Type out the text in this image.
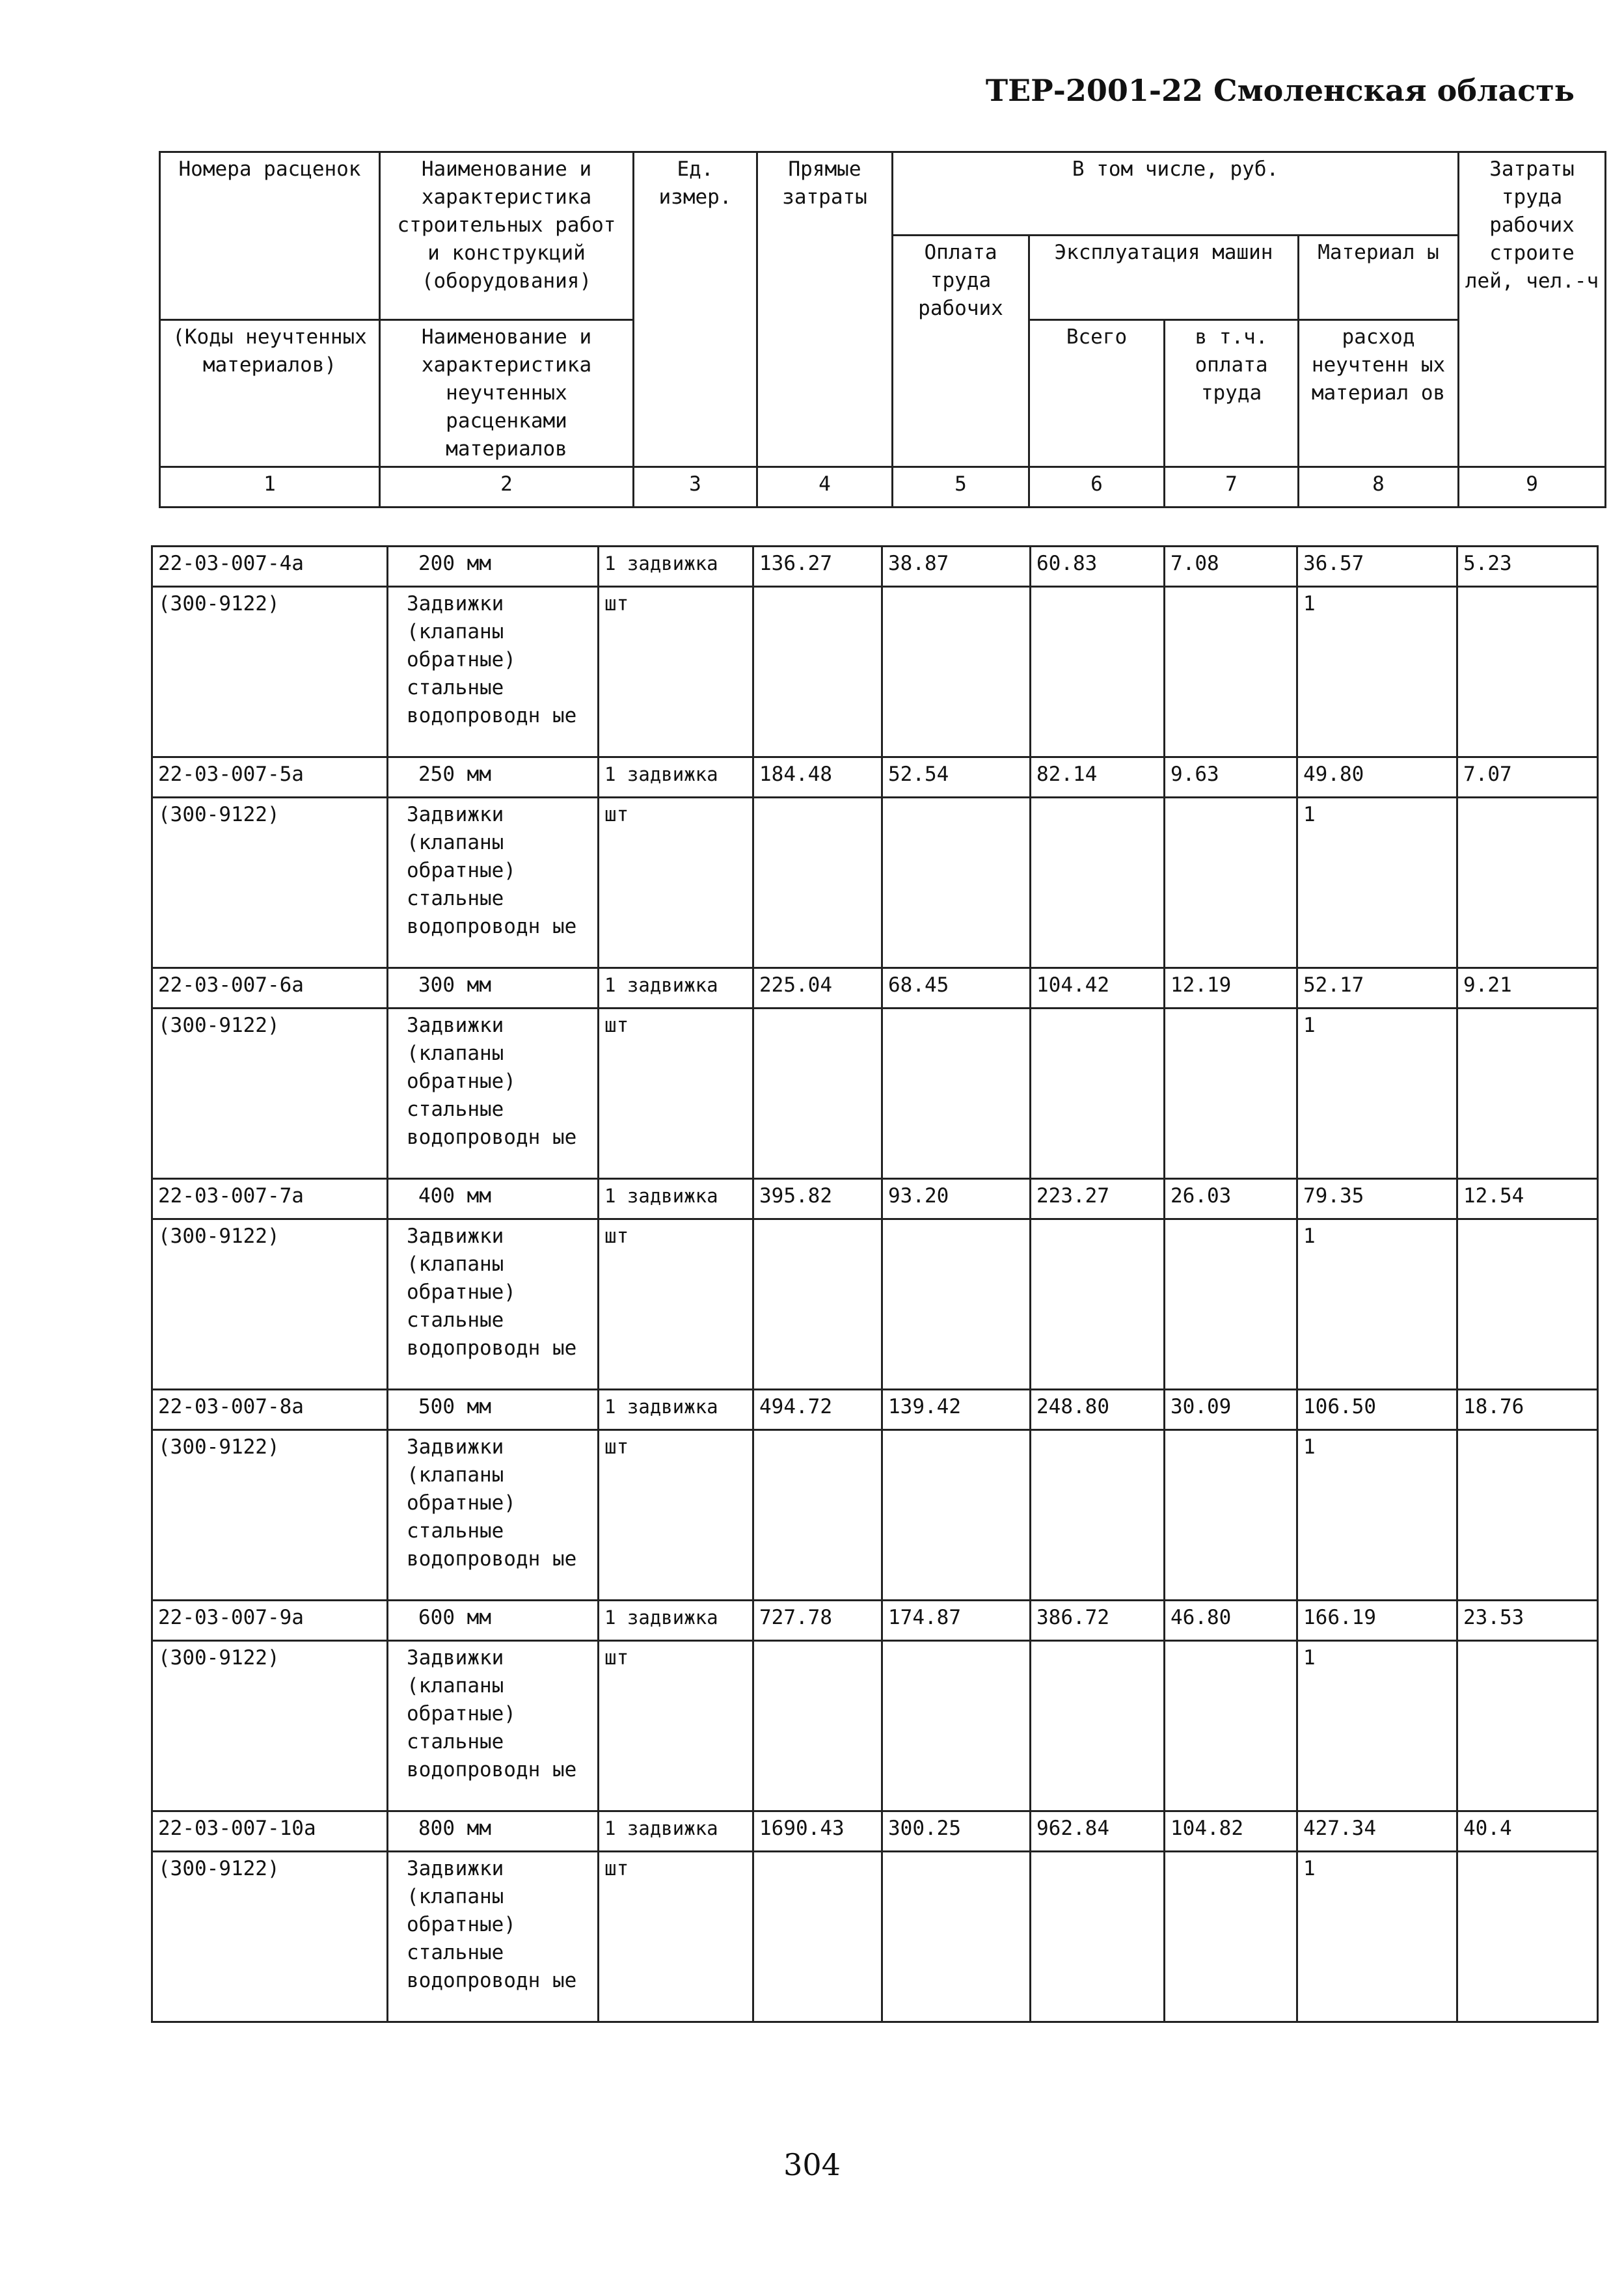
ТЕР-2001-22 Смоленская область
Номера расценок	Наименование и характеристика строительных работ и конструкций (оборудования)	Ед. измер.	Прямые затраты	В том числе, руб.				Затраты труда рабочих строите лей, чел.-ч
				Оплата труда рабочих	Эксплуатация машин		Материал ы	
(Коды неучтенных материалов)	Наименование и характеристика неучтенных расценками материалов				Всего	в т.ч. оплата труда	расход неучтенн ых материал ов	
1	2	3	4	5	6	7	8	9
22-03-007-4а	200 мм	1 задвижка	136.27	38.87	60.83	7.08	36.57	5.23
(300-9122)	Задвижки (клапаны обратные) стальные водопроводн ые	шт					1	
22-03-007-5а	250 мм	1 задвижка	184.48	52.54	82.14	9.63	49.80	7.07
(300-9122)	Задвижки (клапаны обратные) стальные водопроводн ые	шт					1	
22-03-007-6а	300 мм	1 задвижка	225.04	68.45	104.42	12.19	52.17	9.21
(300-9122)	Задвижки (клапаны обратные) стальные водопроводн ые	шт					1	
22-03-007-7а	400 мм	1 задвижка	395.82	93.20	223.27	26.03	79.35	12.54
(300-9122)	Задвижки (клапаны обратные) стальные водопроводн ые	шт					1	
22-03-007-8а	500 мм	1 задвижка	494.72	139.42	248.80	30.09	106.50	18.76
(300-9122)	Задвижки (клапаны обратные) стальные водопроводн ые	шт					1	
22-03-007-9а	600 мм	1 задвижка	727.78	174.87	386.72	46.80	166.19	23.53
(300-9122)	Задвижки (клапаны обратные) стальные водопроводн ые	шт					1	
22-03-007-10а	800 мм	1 задвижка	1690.43	300.25	962.84	104.82	427.34	40.4
(300-9122)	Задвижки (клапаны обратные) стальные водопроводн ые	шт					1	
304
